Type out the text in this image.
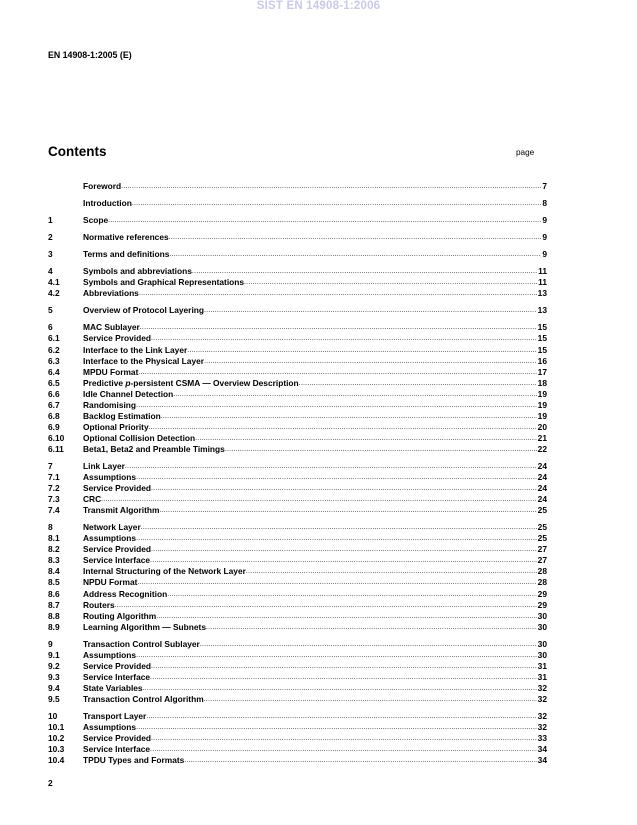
SIST EN 14908-1:2006
EN 14908-1:2005 (E)
Contents	page
Foreword .....	7
Introduction .....	8
1	Scope .....	9
2	Normative references .....	9
3	Terms and definitions .....	9
4	Symbols and abbreviations .....	11
4.1	Symbols and Graphical Representations .....	11
4.2	Abbreviations .....	13
5	Overview of Protocol Layering .....	13
6	MAC Sublayer .....	15
6.1	Service Provided .....	15
6.2	Interface to the Link Layer .....	15
6.3	Interface to the Physical Layer .....	16
6.4	MPDU Format .....	17
6.5	Predictive p-persistent CSMA — Overview Description .....	18
6.6	Idle Channel Detection .....	19
6.7	Randomising .....	19
6.8	Backlog Estimation .....	19
6.9	Optional Priority .....	20
6.10	Optional Collision Detection .....	21
6.11	Beta1, Beta2 and Preamble Timings .....	22
7	Link Layer .....	24
7.1	Assumptions .....	24
7.2	Service Provided .....	24
7.3	CRC .....	24
7.4	Transmit Algorithm .....	25
8	Network Layer .....	25
8.1	Assumptions .....	25
8.2	Service Provided .....	27
8.3	Service Interface .....	27
8.4	Internal Structuring of the Network Layer .....	28
8.5	NPDU Format .....	28
8.6	Address Recognition .....	29
8.7	Routers .....	29
8.8	Routing Algorithm .....	30
8.9	Learning Algorithm — Subnets .....	30
9	Transaction Control Sublayer .....	30
9.1	Assumptions .....	30
9.2	Service Provided .....	31
9.3	Service Interface .....	31
9.4	State Variables .....	32
9.5	Transaction Control Algorithm .....	32
10	Transport Layer .....	32
10.1	Assumptions .....	32
10.2	Service Provided .....	33
10.3	Service Interface .....	34
10.4	TPDU Types and Formats .....	34
2
